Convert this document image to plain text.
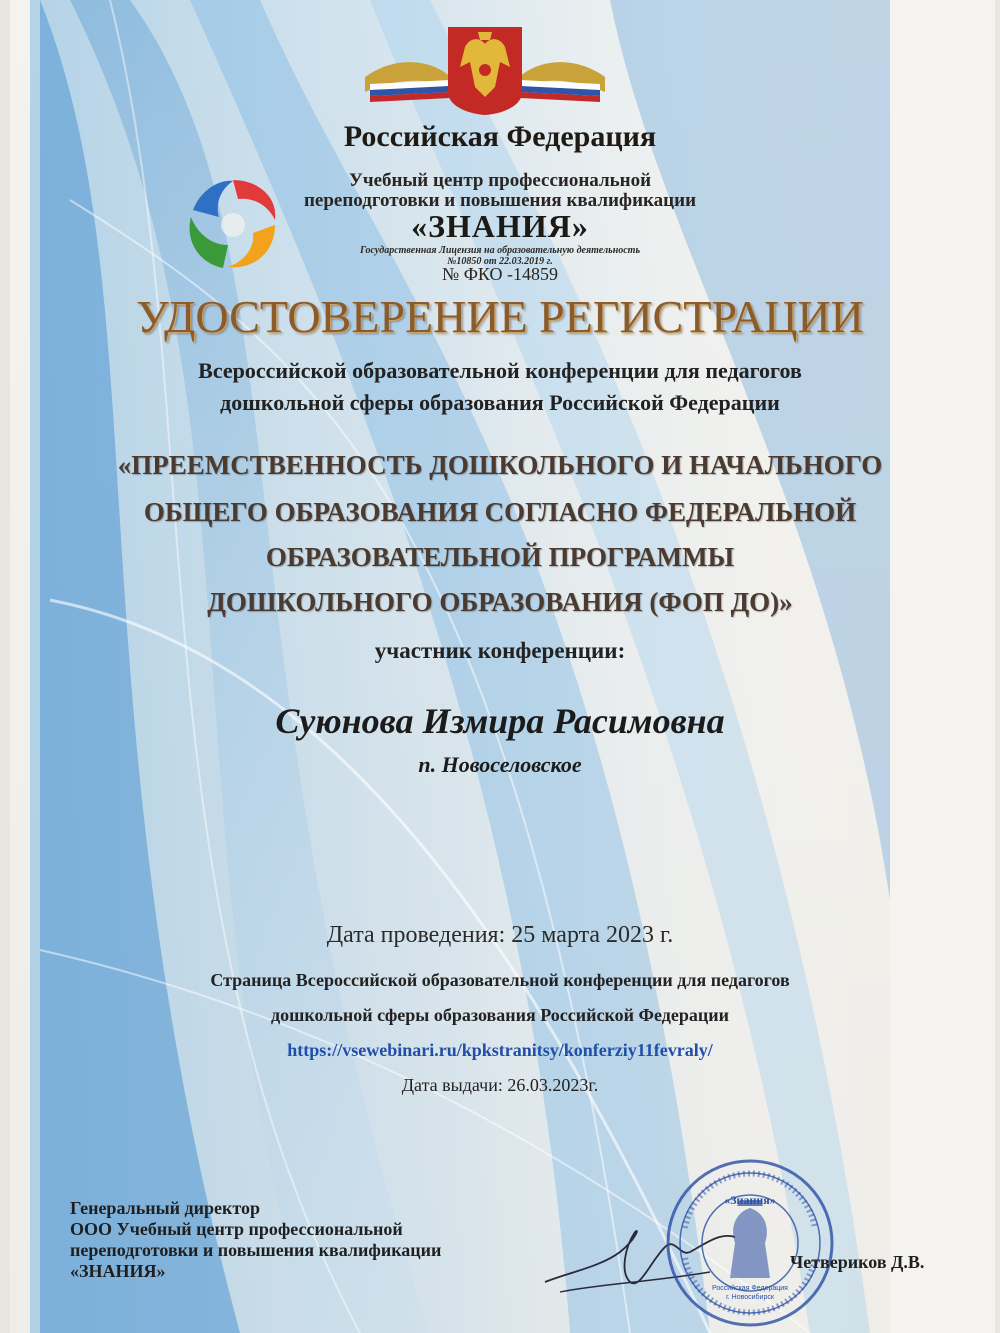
Российская Федерация
Учебный центр профессиональной
переподготовки и повышения квалификации
«ЗНАНИЯ»
Государственная Лицензия на образовательную деятельность
№10850 от 22.03.2019 г.
№ ФКО -14859
УДОСТОВЕРЕНИЕ РЕГИСТРАЦИИ
Всероссийской образовательной конференции для педагогов
дошкольной сферы образования Российской Федерации
«ПРЕЕМСТВЕННОСТЬ ДОШКОЛЬНОГО И НАЧАЛЬНОГО
ОБЩЕГО ОБРАЗОВАНИЯ СОГЛАСНО ФЕДЕРАЛЬНОЙ
ОБРАЗОВАТЕЛЬНОЙ ПРОГРАММЫ
ДОШКОЛЬНОГО ОБРАЗОВАНИЯ (ФОП ДО)»
участник конференции:
Суюнова Измира Расимовна
п. Новоселовское
Дата проведения: 25 марта 2023 г.
Страница Всероссийской образовательной конференции для педагогов
дошкольной сферы образования Российской Федерации
https://vsewebinari.ru/kpkstranitsy/konferziy11fevraly/
Дата выдачи: 26.03.2023г.
Генеральный директор
ООО Учебный центр профессиональной
переподготовки и повышения квалификации
«ЗНАНИЯ»
«Знания»
Российская Федерация
г. Новосибирск
Четвериков Д.В.
